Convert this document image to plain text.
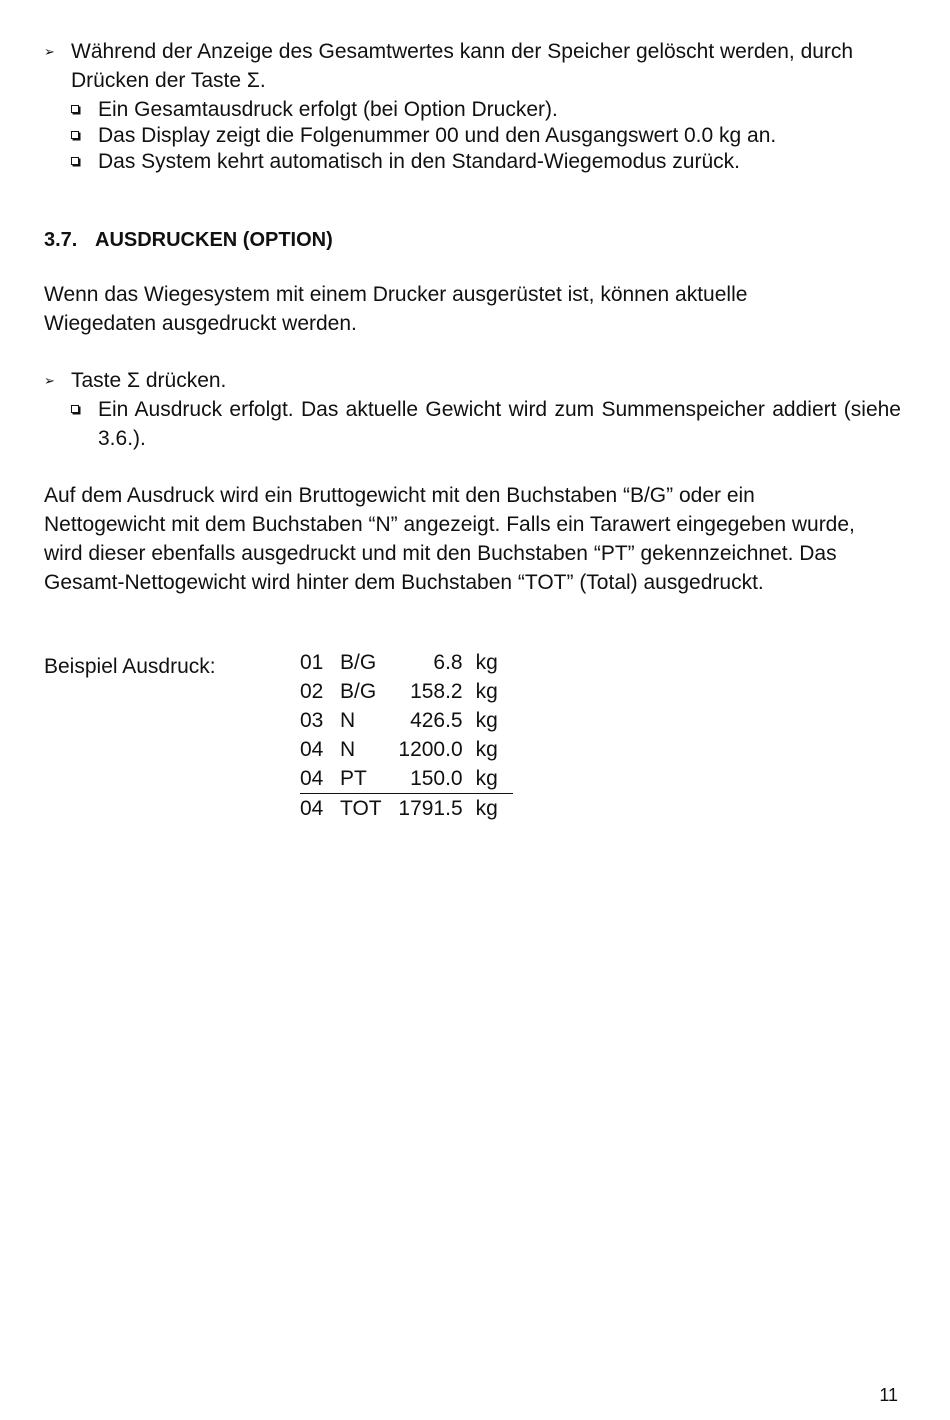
➢ Während der Anzeige des Gesamtwertes kann der Speicher gelöscht werden, durch Drücken der Taste Σ.
Ein Gesamtausdruck erfolgt (bei Option Drucker).
Das Display zeigt die Folgenummer 00 und den Ausgangswert 0.0 kg an.
Das System kehrt automatisch in den Standard-Wiegemodus zurück.
3.7. AUSDRUCKEN (OPTION)
Wenn das Wiegesystem mit einem Drucker ausgerüstet ist, können aktuelle Wiegedaten ausgedruckt werden.
➢ Taste Σ drücken.
Ein Ausdruck erfolgt. Das aktuelle Gewicht wird zum Summenspeicher addiert (siehe 3.6.).
Auf dem Ausdruck wird ein Bruttogewicht mit den Buchstaben “B/G” oder ein Nettogewicht mit dem Buchstaben “N” angezeigt. Falls ein Tarawert eingegeben wurde, wird dieser ebenfalls ausgedruckt und mit den Buchstaben “PT” gekennzeichnet. Das Gesamt-Nettogewicht wird hinter dem Buchstaben “TOT” (Total) ausgedruckt.
Beispiel Ausdruck:	01	B/G	6.8	kg
02	B/G	158.2	kg
03	N	426.5	kg
04	N	1200.0	kg
04	PT	150.0	kg
04	TOT	1791.5	kg
11
